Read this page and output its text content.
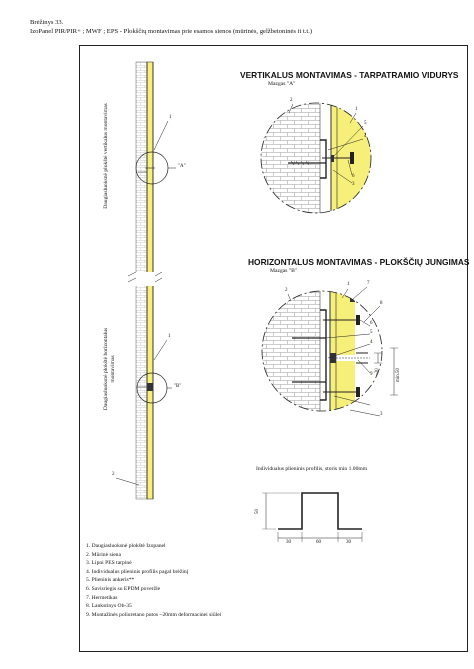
Brėžinys 33.
IzoPanel PIR/PIR+ ; MWF ; EPS - Plokščių montavimas prie esamos sienos (mūrinės, gelžbetoninės it t.t.)
Daugiasluoksnė plokštė vertikalus montavimas
Daugiasluoksnė plokštė horizontalus montavimas
"A"
"B"
1
1
2
VERTIKALUS MONTAVIMAS - TARPATRAMIO VIDURYS
Mazgas "A"
2
1
5
4
6
3
HORIZONTALUS MONTAVIMAS - PLOKŠČIŲ JUNGIMAS
Mazgas "B"
2
1	7
8
6
5
4
9
3
~20	min.50
Individualus plieninis profilis, storis min 1.00mm
50
30	60	30
1. Daugiasluoksnė plokštė Izopanel
2. Mūrinė siena
3. Lipni PES tarpinė
4. Individualus plieninis profilis pagal brėžinį
5. Plieninis ankeris**
6. Savisriegis su EPDM poveržle
7. Hermetikas
8. Lankstinys Ob-35
9. Montažinės poliuretano putos ~20mm deformacinei siūlei
